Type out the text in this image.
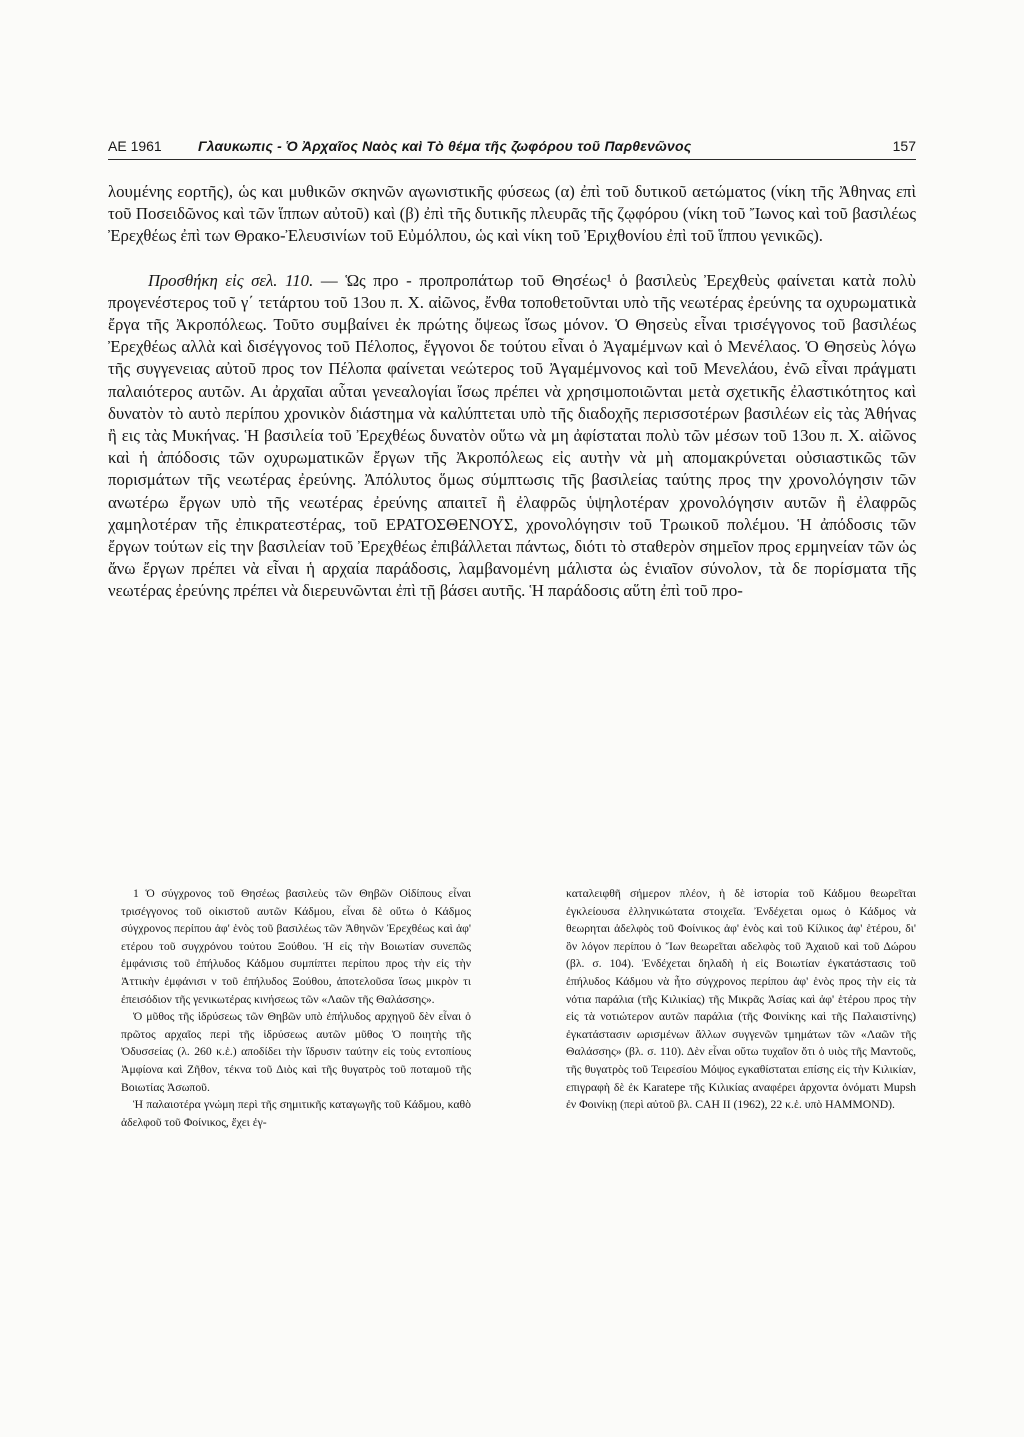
ΑΕ 1961	Γλαυκωπις - Ὁ Ἀρχαῖος Ναὸς καὶ Τὸ θέμα τῆς ζωφόρου τοῦ Παρθενῶνος	157

λουμένης εορτῆς), ὡς και μυθικῶν σκηνῶν αγωνιστικῆς φύσεως (α) ἐπὶ τοῦ δυτικοῦ αετώματος (νίκη τῆς Ἀθηνας επὶ τοῦ Ποσειδῶνος καὶ τῶν ἵππων αὐτοῦ) καὶ (β) ἐπὶ τῆς δυτικῆς πλευρᾶς τῆς ζῳφόρου (νίκη τοῦ Ἴωνος καὶ τοῦ βασιλέως Ἐρεχθέως ἐπὶ των Θρακο-Ἐλευσινίων τοῦ Εὐμόλπου, ὡς καὶ νίκη τοῦ Ἐριχθονίου ἐπὶ τοῦ ἵππου γενικῶς).

Προσθήκη εἰς σελ. 110. — Ὡς προ - προπροπάτωρ τοῦ Θησέως¹ ὁ βασιλεὺς Ἐρεχθεὺς φαίνεται κατὰ πολὺ προγενέστερος τοῦ γ΄ τετάρτου τοῦ 13ου π. Χ. αἰῶνος, ἔνθα τοποθετοῦνται υπὸ τῆς νεωτέρας ἐρεύνης τα οχυρωματικὰ ἔργα τῆς Ἀκροπόλεως. Τοῦτο συμβαίνει ἐκ πρώτης ὄψεως ἴσως μόνον. Ὁ Θησεὺς εἶναι τρισέγγονος τοῦ βασιλέως Ἐρεχθέως αλλὰ καὶ δισέγγονος τοῦ Πέλοπος, ἔγγονοι δε τούτου εἶναι ὁ Ἀγαμέμνων καὶ ὁ Μενέλαος. Ὁ Θησεὺς λόγω τῆς συγγενειας αὐτοῦ προς τον Πέλοπα φαίνεται νεώτερος τοῦ Ἀγαμέμνονος καὶ τοῦ Μενελάου, ἐνῶ εἶναι πράγματι παλαιότερος αυτῶν. Αι ἀρχαῖαι αὗται γενεαλογίαι ἴσως πρέπει νὰ χρησιμοποιῶνται μετὰ σχετικῆς ἐλαστικότητος καὶ δυνατὸν τὸ αυτὸ περίπου χρονικὸν διάστημα νὰ καλύπτεται υπὸ τῆς διαδοχῆς περισσοτέρων βασιλέων εἰς τὰς Ἀθήνας ἢ εις τὰς Μυκήνας. Ἡ βασιλεία τοῦ Ἐρεχθέως δυνατὸν οὕτω νὰ μη ἀφίσταται πολὺ τῶν μέσων τοῦ 13ου π. Χ. αἰῶνος καὶ ἡ ἀπόδοσις τῶν οχυρωματικῶν ἔργων τῆς Ἀκροπόλεως εἰς αυτὴν νὰ μὴ απομακρύνεται οὐσιαστικῶς τῶν πορισμάτων τῆς νεωτέρας ἐρεύνης. Ἀπόλυτος ὅμως σύμπτωσις τῆς βασιλείας ταύτης προς την χρονολόγησιν τῶν ανωτέρω ἔργων υπὸ τῆς νεωτέρας ἐρεύνης απαιτεῖ ἢ ἐλαφρῶς ὑψηλοτέραν χρονολόγησιν αυτῶν ἢ ἐλαφρῶς χαμηλοτέραν τῆς ἐπικρατεστέρας, τοῦ ΕΡΑΤΟΣΘΕΝΟΥΣ, χρονολόγησιν τοῦ Τρωικοῦ πολέμου. Ἡ ἀπόδοσις τῶν ἔργων τούτων εἰς την βασιλείαν τοῦ Ἐρεχθέως ἐπιβάλλεται πάντως, διότι τὸ σταθερὸν σημεῖον προς ερμηνείαν τῶν ὡς ἄνω ἔργων πρέπει νὰ εἶναι ἡ αρχαία παράδοσις, λαμβανομένη μάλιστα ὡς ἑνιαῖον σύνολον, τὰ δε πορίσματα τῆς νεωτέρας ἐρεύνης πρέπει νὰ διερευνῶνται ἐπὶ τῇ βάσει αυτῆς. Ἡ παράδοσις αὕτη ἐπὶ τοῦ προ-

1 Ὁ σύγχρονος τοῦ Θησέως βασιλεὺς τῶν Θηβῶν Οἰδίπους εἶναι τρισέγγονος τοῦ οἰκιστοῦ αυτῶν Κάδμου, εἶναι δὲ οὕτω ὁ Κάδμος σύγχρονος περίπου ἀφ' ἑνὸς τοῦ βασιλέως τῶν Ἀθηνῶν Ἐρεχθέως καὶ ἀφ' ετέρου τοῦ συγχρόνου τούτου Ξούθου. Ἡ εἰς τὴν Βοιωτίαν συνεπῶς ἐμφάνισις τοῦ ἐπήλυδος Κάδμου συμπίπτει περίπου προς τὴν εἰς τὴν Ἀττικὴν ἐμφάνισι ν τοῦ ἐπήλυδος Ξούθου, ἀποτελοῦσα ἴσως μικρὸν τι ἐπεισόδιον τῆς γενικωτέρας κινήσεως τῶν «Λαῶν τῆς Θαλάσσης».

Ὁ μῦθος τῆς ἱδρύσεως τῶν Θηβῶν υπὸ ἐπήλυδος αρχηγοῦ δὲν εἶναι ὁ πρῶτος αρχαῖος περὶ τῆς ἱδρύσεως αυτῶν μῦθος Ὁ ποιητὴς τῆς Ὀδυσσείας (λ. 260 κ.ἑ.) αποδίδει τὴν ἵδρυσιν ταύτην εἰς τοὺς εντοπίους Ἀμφίονα καὶ Ζῆθον, τέκνα τοῦ Διὸς καὶ τῆς θυγατρὸς τοῦ ποταμοῦ τῆς Βοιωτίας Ἀσωποῦ.

Ἡ παλαιοτέρα γνώμη περὶ τῆς σημιτικῆς καταγωγῆς τοῦ Κάδμου, καθὸ ἀδελφοῦ τοῦ Φοίνικος, ἔχει ἐγ-

καταλειφθῆ σήμερον πλέον, ἡ δὲ ἱστορία τοῦ Κάδμου θεωρεῖται ἐγκλείουσα ἑλληνικώτατα στοιχεῖα. Ἐνδέχεται ομως ὁ Κάδμος νὰ θεωρηται ἀδελφὸς τοῦ Φοίνικος ἀφ' ἑνὸς καὶ τοῦ Κίλικος ἀφ' ἑτέρου, δι' ὃν λόγον περίπου ὁ Ἴων θεωρεῖται αδελφὸς τοῦ Ἀχαιοῦ καὶ τοῦ Δώρου (βλ. σ. 104). Ἐνδέχεται δηλαδὴ ἡ εἰς Βοιωτίαν ἐγκατάστασις τοῦ ἐπήλυδος Κάδμου νὰ ἦτο σύγχρονος περίπου ἀφ' ἑνὸς προς τὴν εἰς τὰ νότια παράλια (τῆς Κιλικίας) τῆς Μικρᾶς Ἀσίας καὶ ἀφ' ἑτέρου προς τὴν εἰς τὰ νοτιώτερον αυτῶν παράλια (τῆς Φοινίκης καὶ τῆς Παλαιστίνης) ἐγκατάστασιν ωρισμένων ἄλλων συγγενῶν τμημάτων τῶν «Λαῶν τῆς Θαλάσσης» (βλ. σ. 110). Δὲν εἶναι οὕτω τυχαῖον ὅτι ὁ υιὸς τῆς Μαντοῦς, τῆς θυγατρὸς τοῦ Τειρεσίου Μόψος εγκαθίσταται επίσης εἰς τὴν Κιλικίαν, επιγραφὴ δὲ ἐκ Karatepe τῆς Κιλικίας αναφέρει ἀρχοντα ὀνόματι Mupsh ἐν Φοινίκῃ (περὶ αὐτοῦ βλ. CAH II (1962), 22 κ.ἑ. υπὸ HAMMOND).
